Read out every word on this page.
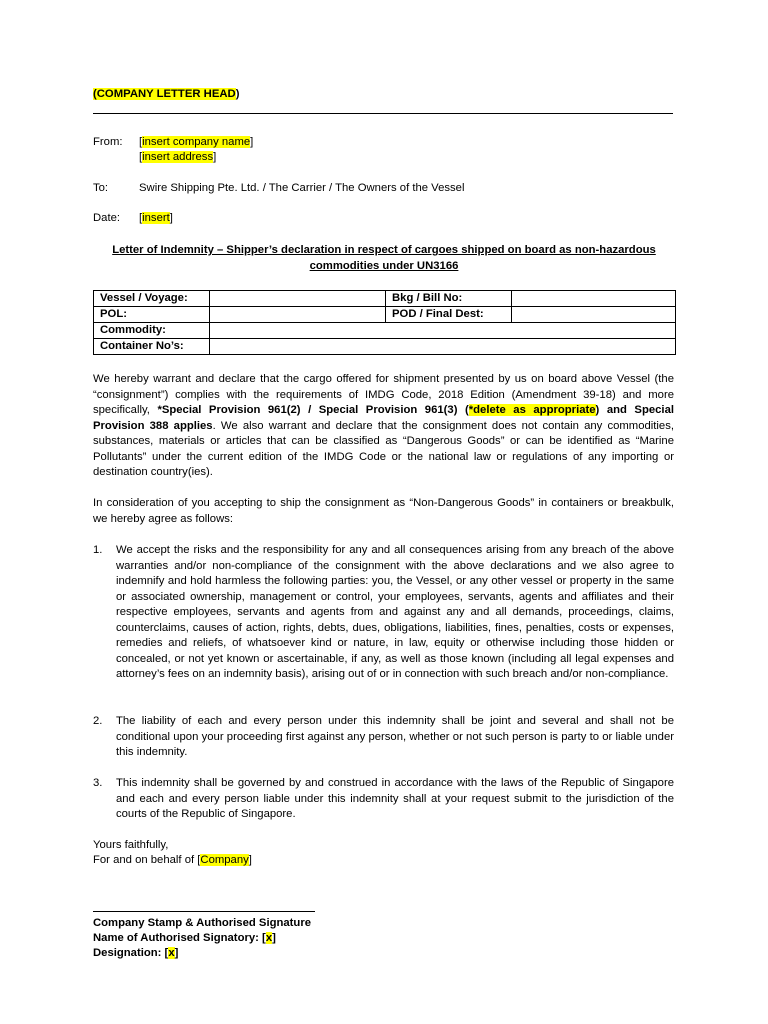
(COMPANY LETTER HEAD)
From: [insert company name]
[insert address]
To:	Swire Shipping Pte. Ltd. / The Carrier / The Owners of the Vessel
Date: [insert]
Letter of Indemnity – Shipper’s declaration in respect of cargoes shipped on board as non-hazardous commodities under UN3166
Vessel / Voyage:		Bkg / Bill No:	
POL:		POD / Final Dest:	
Commodity:			
Container No’s:			
We hereby warrant and declare that the cargo offered for shipment presented by us on board above Vessel (the “consignment”) complies with the requirements of IMDG Code, 2018 Edition (Amendment 39-18) and more specifically, *Special Provision 961(2) / Special Provision 961(3) (*delete as appropriate) and Special Provision 388 applies. We also warrant and declare that the consignment does not contain any commodities, substances, materials or articles that can be classified as “Dangerous Goods” or can be identified as “Marine Pollutants” under the current edition of the IMDG Code or the national law or regulations of any importing or destination country(ies).
In consideration of you accepting to ship the consignment as “Non-Dangerous Goods” in containers or breakbulk, we hereby agree as follows:
1. We accept the risks and the responsibility for any and all consequences arising from any breach of the above warranties and/or non-compliance of the consignment with the above declarations and we also agree to indemnify and hold harmless the following parties: you, the Vessel, or any other vessel or property in the same or associated ownership, management or control, your employees, servants, agents and affiliates and their respective employees, servants and agents from and against any and all demands, proceedings, claims, counterclaims, causes of action, rights, debts, dues, obligations, liabilities, fines, penalties, costs or expenses, remedies and reliefs, of whatsoever kind or nature, in law, equity or otherwise including those hidden or concealed, or not yet known or ascertainable, if any, as well as those known (including all legal expenses and attorney’s fees on an indemnity basis), arising out of or in connection with such breach and/or non-compliance.
2. The liability of each and every person under this indemnity shall be joint and several and shall not be conditional upon your proceeding first against any person, whether or not such person is party to or liable under this indemnity.
3. This indemnity shall be governed by and construed in accordance with the laws of the Republic of Singapore and each and every person liable under this indemnity shall at your request submit to the jurisdiction of the courts of the Republic of Singapore.
Yours faithfully,
For and on behalf of [Company]
Company Stamp & Authorised Signature
Name of Authorised Signatory: [x]
Designation: [x]
